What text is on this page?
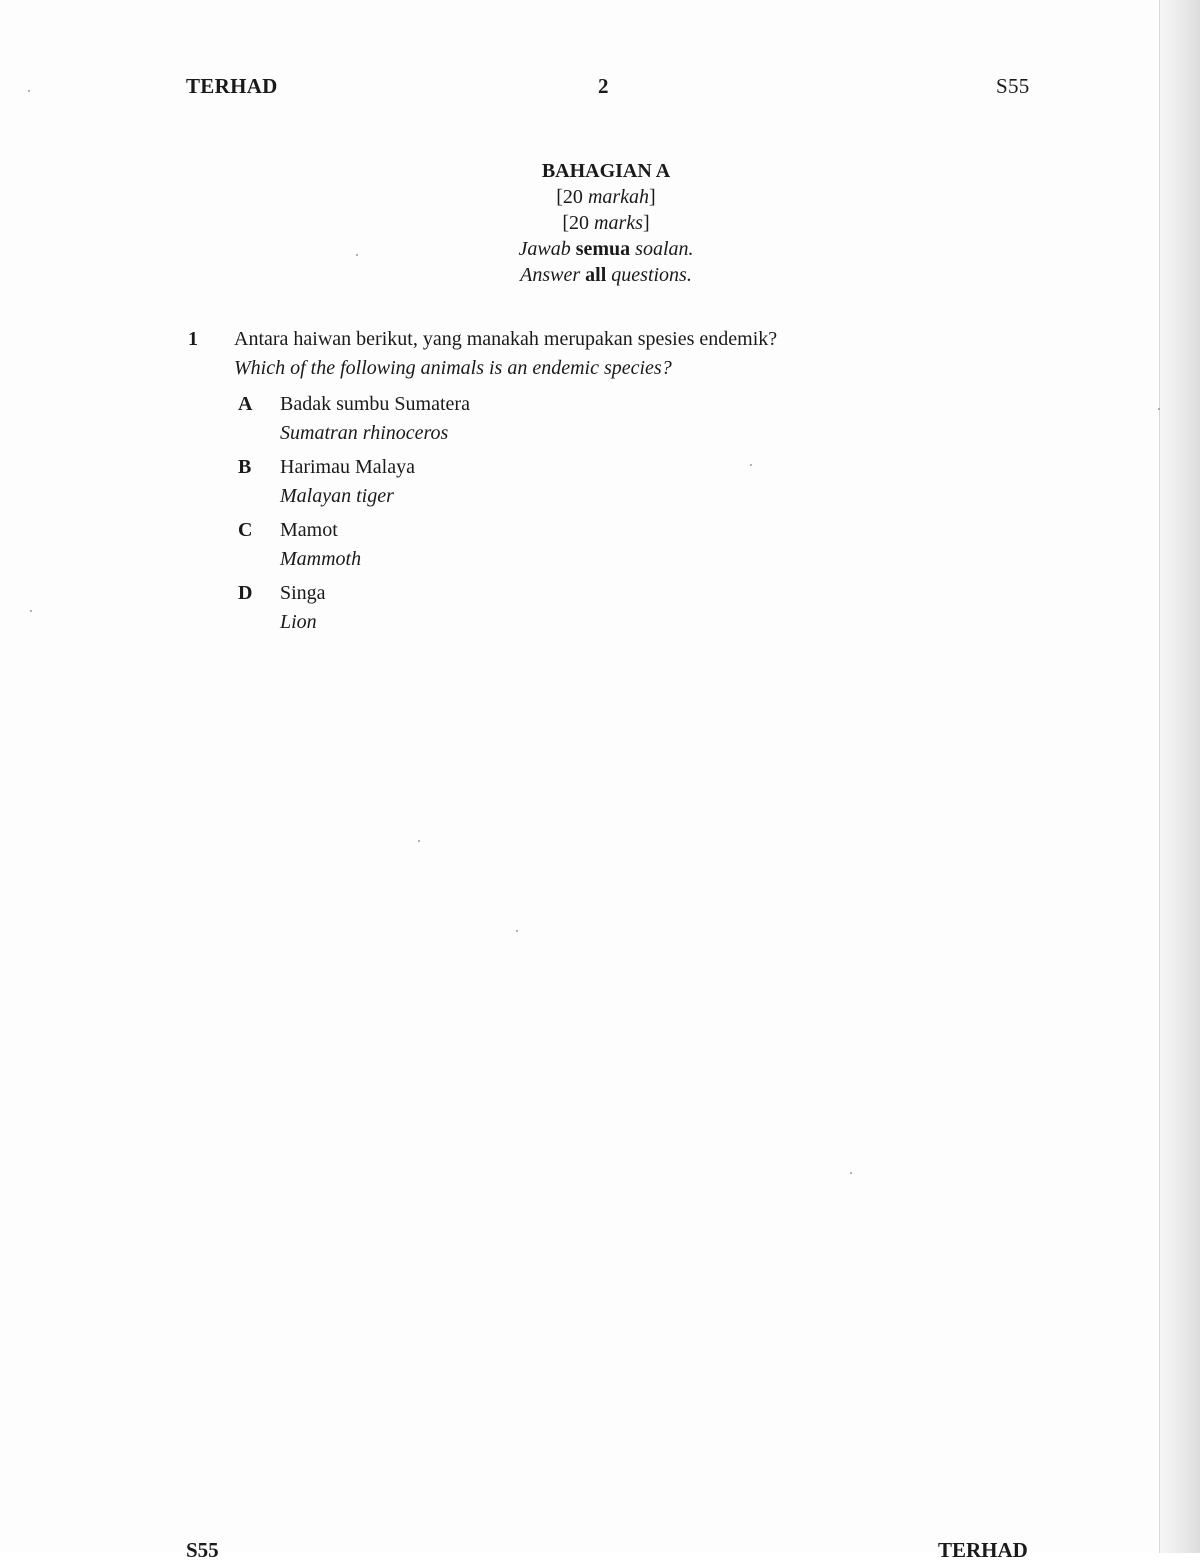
TERHAD	2	S55
BAHAGIAN A
[20 markah]
[20 marks]
Jawab semua soalan.
Answer all questions.
1 Antara haiwan berikut, yang manakah merupakan spesies endemik?
Which of the following animals is an endemic species?
A Badak sumbu Sumatera
Sumatran rhinoceros
B Harimau Malaya
Malayan tiger
C Mamot
Mammoth
D Singa
Lion
S55	TERHAD
